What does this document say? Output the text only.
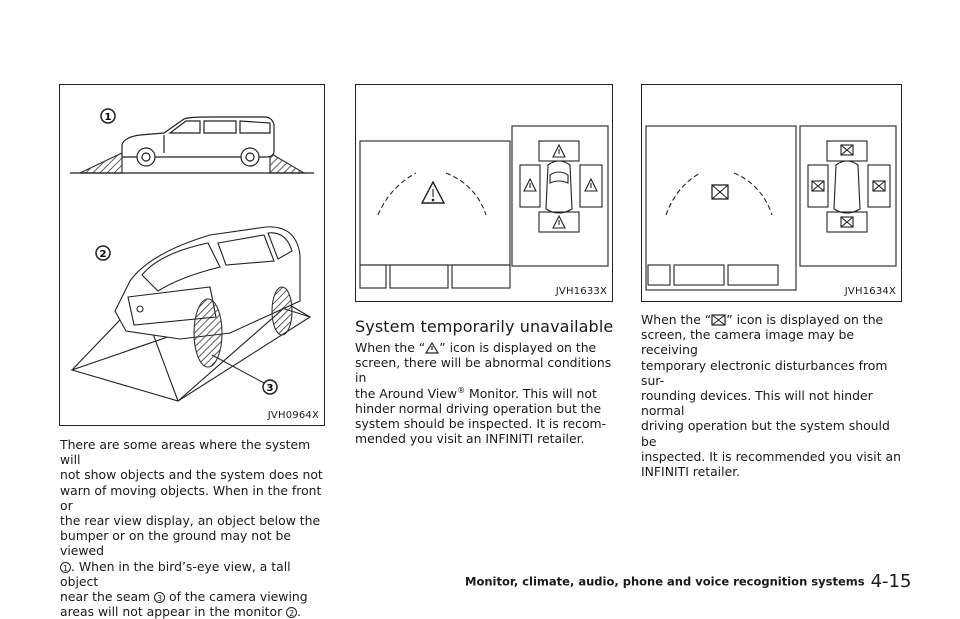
1
2
3
JVH0964X
JVH1633X	JVH1634X
There are some areas where the system will
not show objects and the system does not
warn of moving objects. When in the front or
the rear view display, an object below the
bumper or on the ground may not be viewed
1 . When in the bird’s-eye view, a tall object
near the seam 3 of the camera viewing
areas will not appear in the monitor 2 .
System temporarily unavailable
When the “ ” icon is displayed on the
screen, there will be abnormal conditions in
the Around View® Monitor. This will not
hinder normal driving operation but the
system should be inspected. It is recom-
mended you visit an INFINITI retailer.
When the “ ” icon is displayed on the
screen, the camera image may be receiving
temporary electronic disturbances from sur-
rounding devices. This will not hinder normal
driving operation but the system should be
inspected. It is recommended you visit an
INFINITI retailer.
Monitor, climate, audio, phone and voice recognition systems 4-15
